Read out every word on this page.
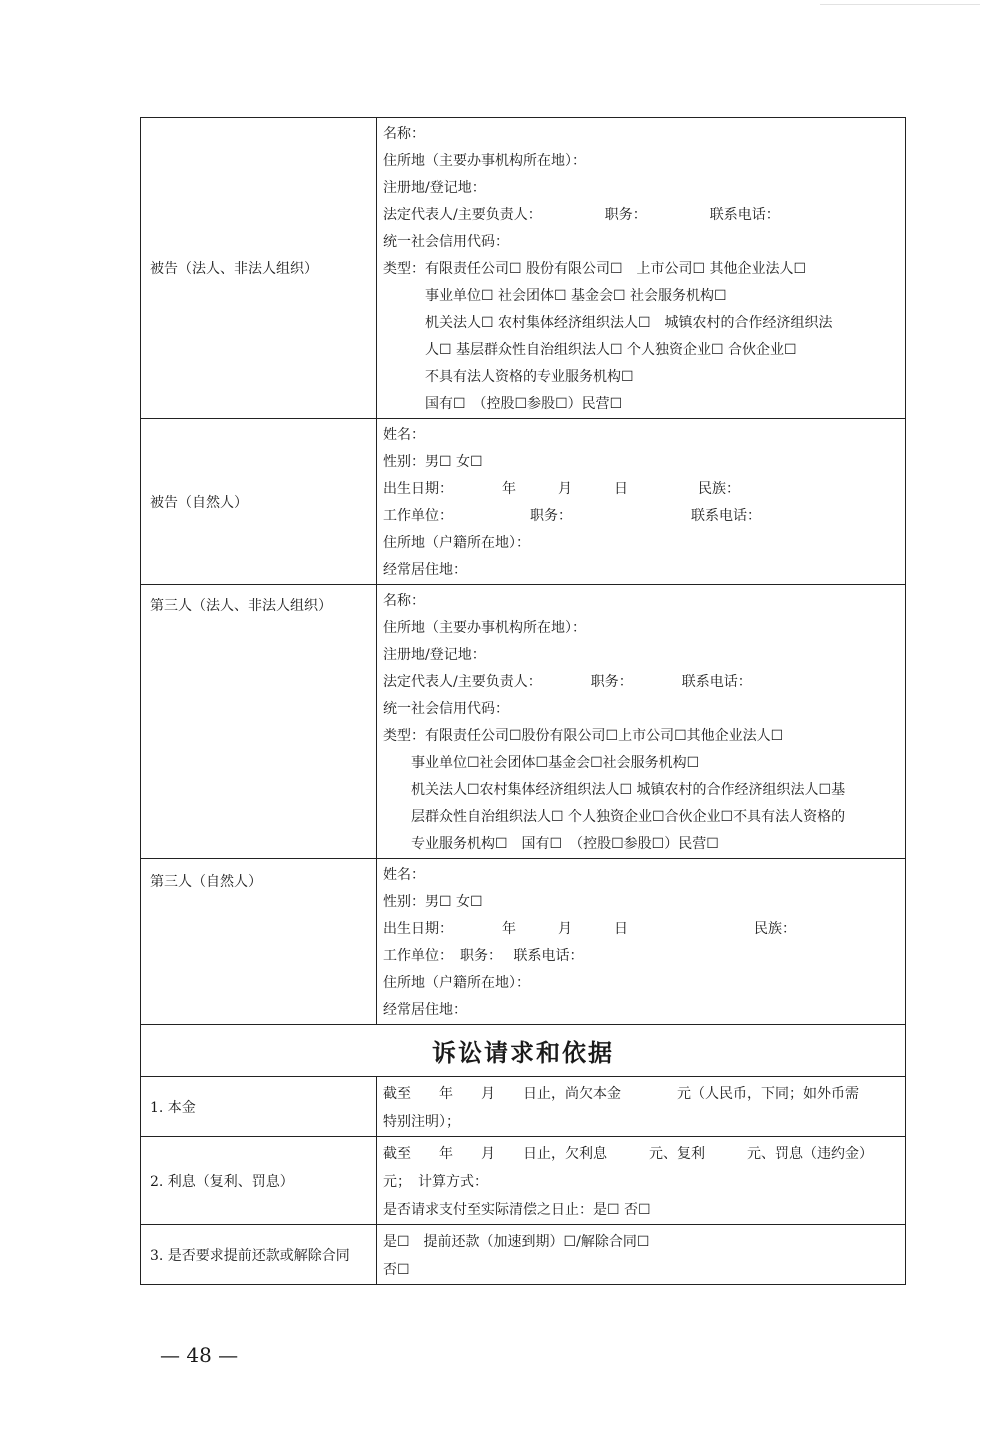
被告（法人、非法人组织）
名称：
住所地（主要办事机构所在地）：
注册地/登记地：
法定代表人/主要负责人：　　　　　职务：　　　　　联系电话：
统一社会信用代码：
类型：有限责任公司☐ 股份有限公司☐　上市公司☐ 其他企业法人☐
　　　事业单位☐ 社会团体☐ 基金会☐ 社会服务机构☐
　　　机关法人☐ 农村集体经济组织法人☐　城镇农村的合作经济组织法
　　　人☐ 基层群众性自治组织法人☐ 个人独资企业☐ 合伙企业☐
　　　不具有法人资格的专业服务机构☐
　　　国有☐　（控股☐参股☐）民营☐
被告（自然人）
姓名：
性别：男☐ 女☐
出生日期：　　　　年　　　月　　　日　　　　　民族：
工作单位：　　　　　　职务：　　　　　　　　　联系电话：
住所地（户籍所在地）：
经常居住地：
第三人（法人、非法人组织）	名称：
住所地（主要办事机构所在地）：
注册地/登记地：
法定代表人/主要负责人：　　　　职务：　　　　联系电话：
统一社会信用代码：
类型：有限责任公司☐股份有限公司☐上市公司☐其他企业法人☐
　　事业单位☐社会团体☐基金会☐社会服务机构☐
　　机关法人☐农村集体经济组织法人☐ 城镇农村的合作经济组织法人☐基
　　层群众性自治组织法人☐ 个人独资企业☐合伙企业☐不具有法人资格的
　　专业服务机构☐　国有☐　（控股☐参股☐）民营☐
第三人（自然人）	姓名：
性别：男☐ 女☐
出生日期：　　　　年　　　月　　　日　　　　　　　　　民族：
工作单位：　职务：　 联系电话：
住所地（户籍所在地）：
经常居住地：
诉讼请求和依据
1. 本金
截至　　年　　月　　日止，尚欠本金　　　　元（人民币，下同；如外币需
特别注明）；
2. 利息（复利、罚息）
截至　　年　　月　　日止，欠利息　　　元、复利　　　元、罚息（违约金）
元；　计算方式：
是否请求支付至实际清偿之日止：是☐ 否☐
3. 是否要求提前还款或解除合同
是☐　提前还款（加速到期）☐/解除合同☐
否☐
— 48 —
